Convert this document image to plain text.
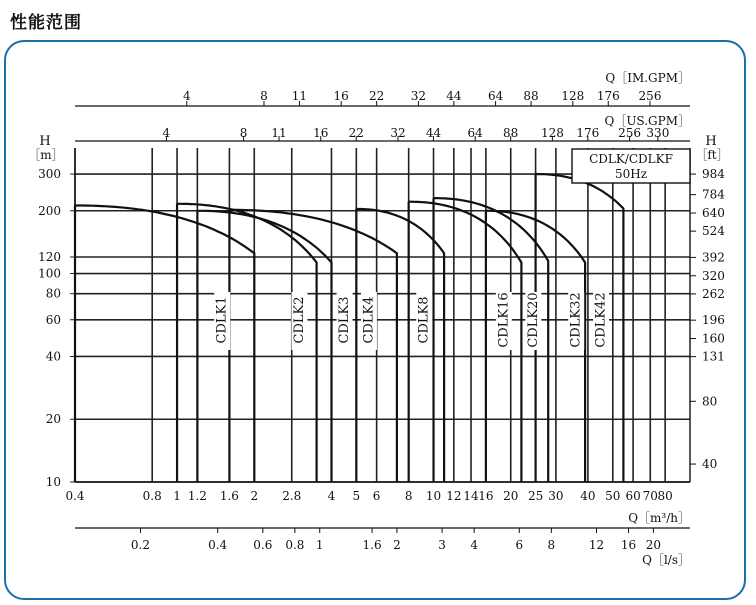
性能范围
10
20
40
60
80
100
120
200
300
0.4	0.8 1 1.2 1.6 2 2.8 4 5 6 8 10 12 14 16 20 25 30 40 50 60 70 80
984
784
640
524
392
320
262
196
160
131
80
40
H
［m］
H
［ft］
Q［m³/h］
4	8 11 16 22 32 44 64 88 128 176 256
Q［IM.GPM］
4	8 11 16 22 32 44 64 88 128 176 256 330
Q［US.GPM］
0.2	0.4 0.6 0.8 1	1.6 2	3 4	6 8	12 16 20
Q［l/s］
CDLK1	CDLK2 CDLK3 CDLK4	CDLK8	CDLK16 CDLK20 CDLK32 CDLK42
CDLK/CDLKF
50Hz
